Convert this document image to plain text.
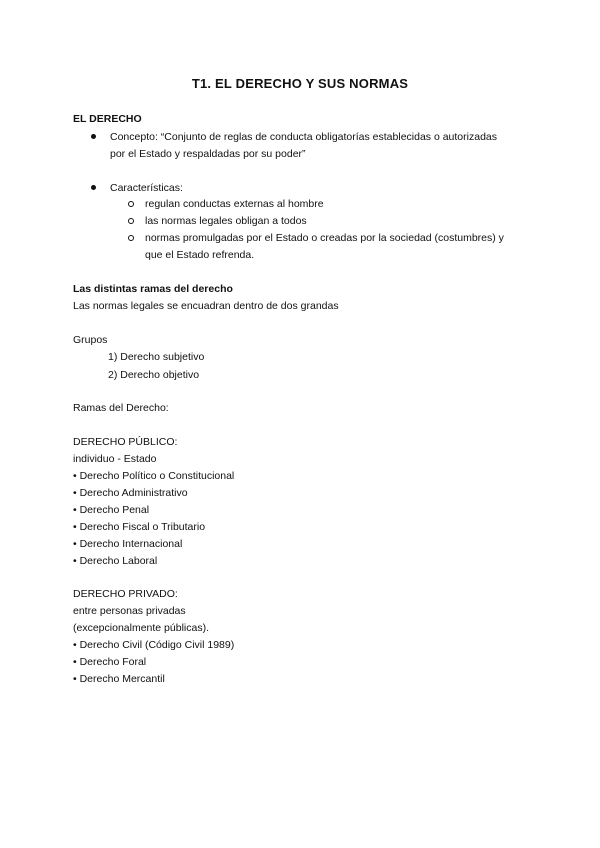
T1. EL DERECHO Y SUS NORMAS
EL DERECHO
Concepto: “Conjunto de reglas de conducta obligatorías establecidas o autorizadas
por el Estado y respaldadas por su poder”
Características:
regulan conductas externas al hombre
las normas legales obligan a todos
normas promulgadas por el Estado o creadas por la sociedad (costumbres) y
que el Estado refrenda.
Las distintas ramas del derecho
Las normas legales se encuadran dentro de dos grandas
Grupos
1) Derecho subjetivo
2) Derecho objetivo
Ramas del Derecho:
DERECHO PÚBLICO:
individuo - Estado
• Derecho Político o Constitucional
• Derecho Administrativo
• Derecho Penal
• Derecho Fiscal o Tributario
• Derecho Internacional
• Derecho Laboral
DERECHO PRIVADO:
entre personas privadas
(excepcionalmente públicas).
• Derecho Civil (Código Civil 1989)
• Derecho Foral
• Derecho Mercantil
